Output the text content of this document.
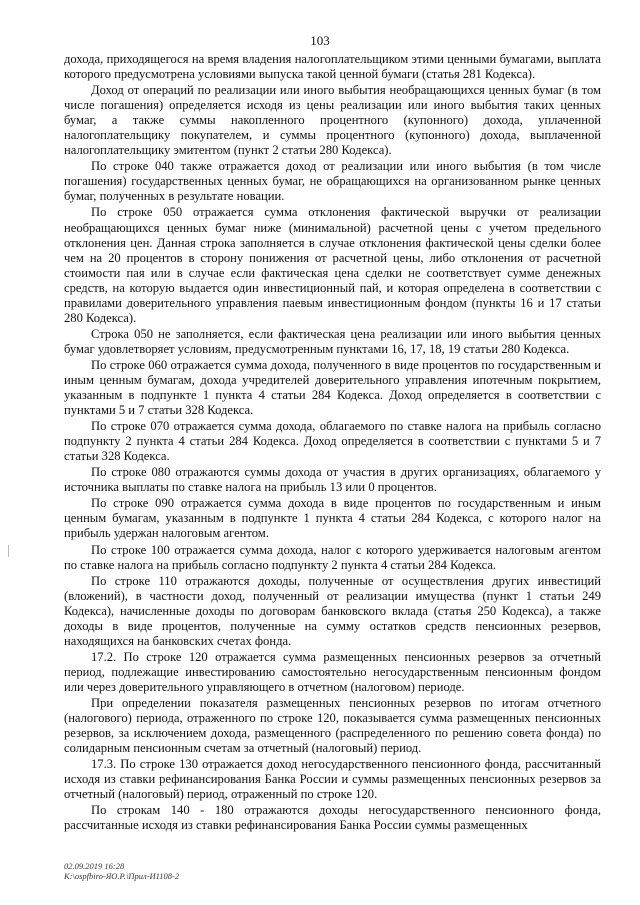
103

дохода, приходящегося на время владения налогоплательщиком этими ценными бумагами, выплата которого предусмотрена условиями выпуска такой ценной бумаги (статья 281 Кодекса).

Доход от операций по реализации или иного выбытия необращающихся ценных бумаг (в том числе погашения) определяется исходя из цены реализации или иного выбытия таких ценных бумаг, а также суммы накопленного процентного (купонного) дохода, уплаченной налогоплательщику покупателем, и суммы процентного (купонного) дохода, выплаченной налогоплательщику эмитентом (пункт 2 статьи 280 Кодекса).

По строке 040 также отражается доход от реализации или иного выбытия (в том числе погашения) государственных ценных бумаг, не обращающихся на организованном рынке ценных бумаг, полученных в результате новации.

По строке 050 отражается сумма отклонения фактической выручки от реализации необращающихся ценных бумаг ниже (минимальной) расчетной цены с учетом предельного отклонения цен. Данная строка заполняется в случае отклонения фактической цены сделки более чем на 20 процентов в сторону понижения от расчетной цены, либо отклонения от расчетной стоимости пая или в случае если фактическая цена сделки не соответствует сумме денежных средств, на которую выдается один инвестиционный пай, и которая определена в соответствии с правилами доверительного управления паевым инвестиционным фондом (пункты 16 и 17 статьи 280 Кодекса).

Строка 050 не заполняется, если фактическая цена реализации или иного выбытия ценных бумаг удовлетворяет условиям, предусмотренным пунктами 16, 17, 18, 19 статьи 280 Кодекса.

По строке 060 отражается сумма дохода, полученного в виде процентов по государственным и иным ценным бумагам, дохода учредителей доверительного управления ипотечным покрытием, указанным в подпункте 1 пункта 4 статьи 284 Кодекса. Доход определяется в соответствии с пунктами 5 и 7 статьи 328 Кодекса.

По строке 070 отражается сумма дохода, облагаемого по ставке налога на прибыль согласно подпункту 2 пункта 4 статьи 284 Кодекса. Доход определяется в соответствии с пунктами 5 и 7 статьи 328 Кодекса.

По строке 080 отражаются суммы дохода от участия в других организациях, облагаемого у источника выплаты по ставке налога на прибыль 13 или 0 процентов.

По строке 090 отражается сумма дохода в виде процентов по государственным и иным ценным бумагам, указанным в подпункте 1 пункта 4 статьи 284 Кодекса, с которого налог на прибыль удержан налоговым агентом.

По строке 100 отражается сумма дохода, налог с которого удерживается налоговым агентом по ставке налога на прибыль согласно подпункту 2 пункта 4 статьи 284 Кодекса.

По строке 110 отражаются доходы, полученные от осуществления других инвестиций (вложений), в частности доход, полученный от реализации имущества (пункт 1 статьи 249 Кодекса), начисленные доходы по договорам банковского вклада (статья 250 Кодекса), а также доходы в виде процентов, полученные на сумму остатков средств пенсионных резервов, находящихся на банковских счетах фонда.

17.2. По строке 120 отражается сумма размещенных пенсионных резервов за отчетный период, подлежащие инвестированию самостоятельно негосударственным пенсионным фондом или через доверительного управляющего в отчетном (налоговом) периоде.

При определении показателя размещенных пенсионных резервов по итогам отчетного (налогового) периода, отраженного по строке 120, показывается сумма размещенных пенсионных резервов, за исключением дохода, размещенного (распределенного по решению совета фонда) по солидарным пенсионным счетам за отчетный (налоговый) период.

17.3. По строке 130 отражается доход негосударственного пенсионного фонда, рассчитанный исходя из ставки рефинансирования Банка России и суммы размещенных пенсионных резервов за отчетный (налоговый) период, отраженный по строке 120.

По строкам 140 - 180 отражаются доходы негосударственного пенсионного фонда, рассчитанные исходя из ставки рефинансирования Банка России суммы размещенных

02.09.2019 16:28
К:\ospfbiro-ЯО.Р.\Прил-И1108-2
